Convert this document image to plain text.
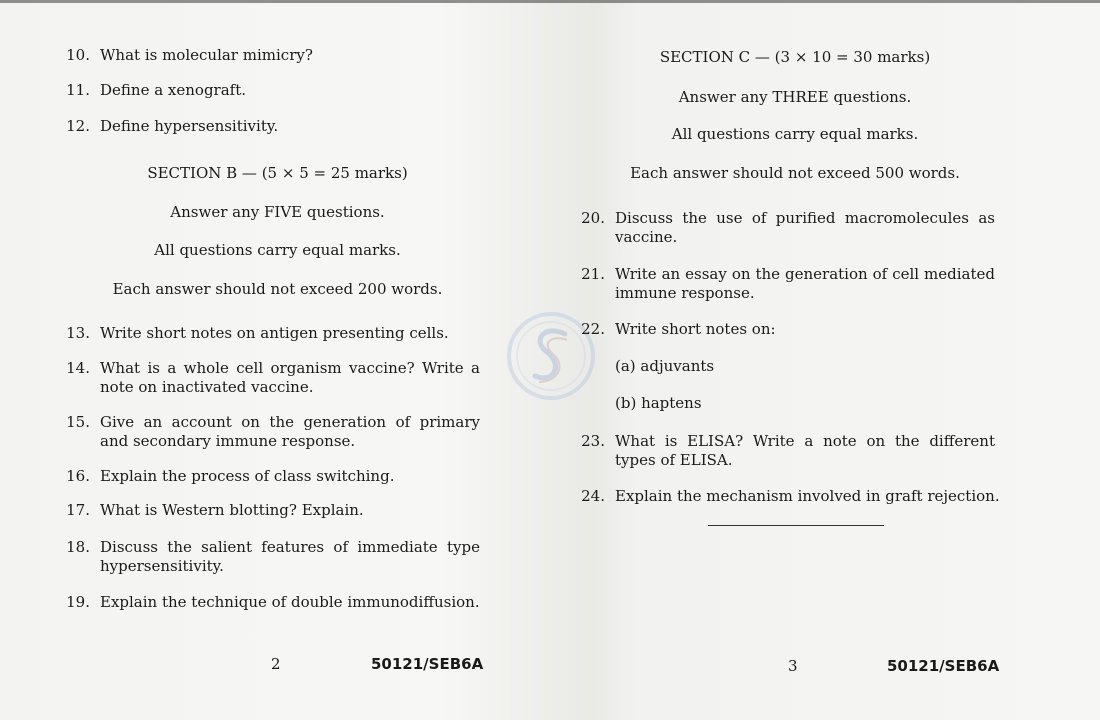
10. What is molecular mimicry?
11. Define a xenograft.
12. Define hypersensitivity.
SECTION B — (5 × 5 = 25 marks)
Answer any FIVE questions.
All questions carry equal marks.
Each answer should not exceed 200 words.
13. Write short notes on antigen presenting cells.
14. What is a whole cell organism vaccine? Write a note on inactivated vaccine.
15. Give an account on the generation of primary and secondary immune response.
16. Explain the process of class switching.
17. What is Western blotting? Explain.
18. Discuss the salient features of immediate type hypersensitivity.
19. Explain the technique of double immunodiffusion.
2	50121/SEB6A
SECTION C — (3 × 10 = 30 marks)
Answer any THREE questions.
All questions carry equal marks.
Each answer should not exceed 500 words.
20. Discuss the use of purified macromolecules as vaccine.
21. Write an essay on the generation of cell mediated immune response.
22. Write short notes on:
(a) adjuvants
(b) haptens
23. What is ELISA? Write a note on the different types of ELISA.
24. Explain the mechanism involved in graft rejection.
3	50121/SEB6A
